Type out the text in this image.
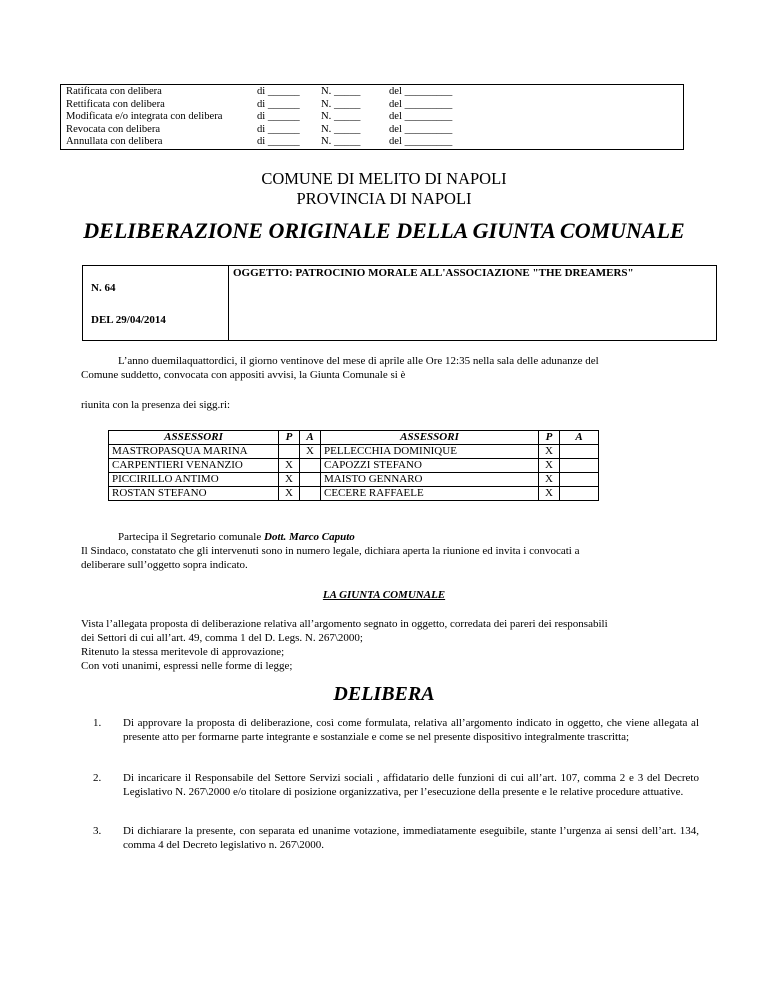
Ratificata con delibera	di ______ N. _____	del _________
Rettificata con delibera	di ______ N. _____	del _________
Modificata e/o integrata con delibera	di ______ N. _____	del _________
Revocata con delibera	di ______ N. _____	del _________
Annullata con delibera	di ______ N. _____	del _________
COMUNE DI MELITO DI NAPOLI
PROVINCIA DI NAPOLI
DELIBERAZIONE ORIGINALE DELLA GIUNTA COMUNALE
N. 64
DEL 29/04/2014
OGGETTO: PATROCINIO MORALE ALL'ASSOCIAZIONE "THE DREAMERS"
L’anno duemilaquattordici, il giorno ventinove del mese di aprile alle Ore 12:35 nella sala delle adunanze del
Comune suddetto, convocata con appositi avvisi, la Giunta Comunale si è
riunita con la presenza dei sigg.ri:
ASSESSORI	P	A	ASSESSORI	P	A
MASTROPASQUA MARINA		X	PELLECCHIA DOMINIQUE	X	
CARPENTIERI VENANZIO	X		CAPOZZI STEFANO	X	
PICCIRILLO ANTIMO	X		MAISTO GENNARO	X	
ROSTAN STEFANO	X		CECERE RAFFAELE	X	
Partecipa il Segretario comunale Dott. Marco Caputo
Il Sindaco, constatato che gli intervenuti sono in numero legale, dichiara aperta la riunione ed invita i convocati a
deliberare sull’oggetto sopra indicato.
LA GIUNTA COMUNALE
Vista l’allegata proposta di deliberazione relativa all’argomento segnato in oggetto, corredata dei pareri dei responsabili
dei Settori di cui all’art. 49, comma 1 del D. Legs. N. 267\2000;
Ritenuto la stessa meritevole di approvazione;
Con voti unanimi, espressi nelle forme di legge;
DELIBERA
1. Di approvare la proposta di deliberazione, così come formulata, relativa all’argomento indicato in oggetto, che viene allegata al presente atto per formarne parte integrante e sostanziale e come se nel presente dispositivo integralmente trascritta;
2. Di incaricare il Responsabile del Settore Servizi sociali , affidatario delle funzioni di cui all’art. 107, comma 2 e 3 del Decreto Legislativo N. 267\2000 e/o titolare di posizione organizzativa, per l’esecuzione della presente e le relative procedure attuative.
3. Di dichiarare la presente, con separata ed unanime votazione, immediatamente eseguibile, stante l’urgenza ai sensi dell’art. 134, comma 4 del Decreto legislativo n. 267\2000.
